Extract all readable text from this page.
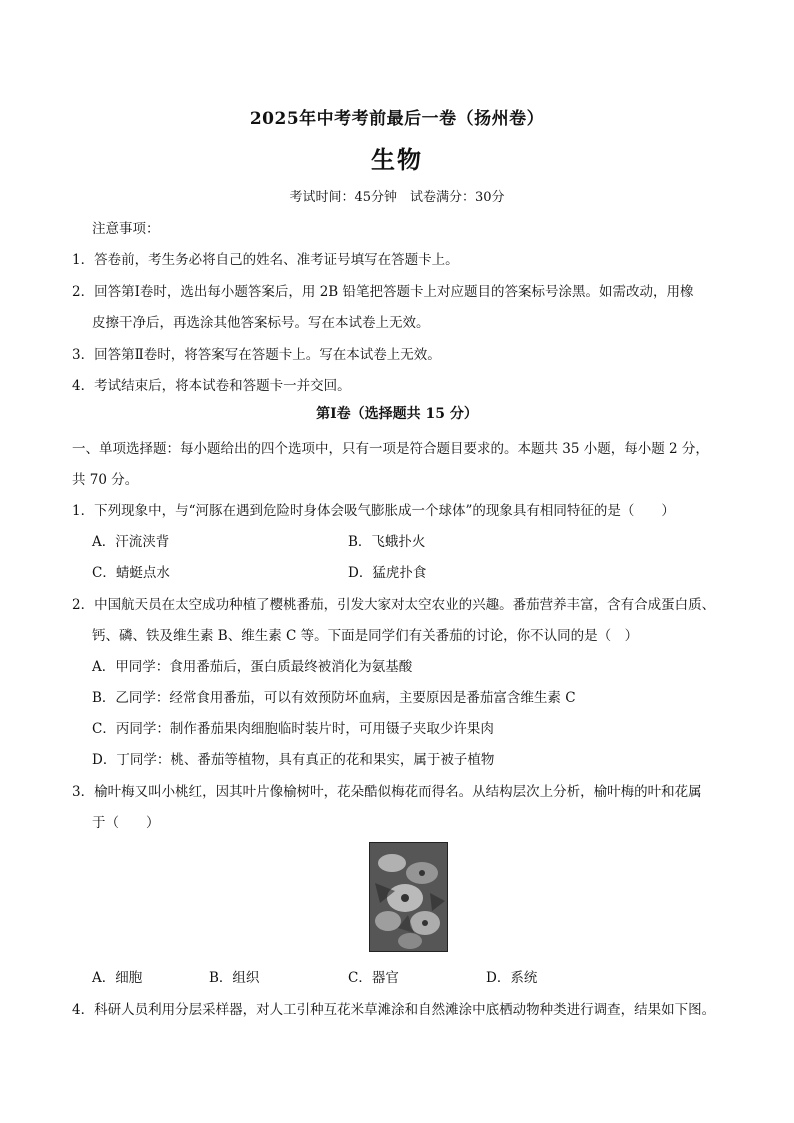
2025年中考考前最后一卷（扬州卷）
生物
考试时间：45分钟　试卷满分：30分
注意事项：
1．答卷前，考生务必将自己的姓名、准考证号填写在答题卡上。
2．回答第Ⅰ卷时，选出每小题答案后，用 2B 铅笔把答题卡上对应题目的答案标号涂黑。如需改动，用橡
皮擦干净后，再选涂其他答案标号。写在本试卷上无效。
3．回答第Ⅱ卷时，将答案写在答题卡上。写在本试卷上无效。
4．考试结束后，将本试卷和答题卡一并交回。
第Ⅰ卷（选择题共 15 分）
一、单项选择题：每小题给出的四个选项中，只有一项是符合题目要求的。本题共 35 小题，每小题 2 分，
共 70 分。
1．下列现象中，与“河豚在遇到危险时身体会吸气膨胀成一个球体”的现象具有相同特征的是（　　）
A．汗流浃背	B．飞蛾扑火
C．蜻蜓点水	D．猛虎扑食
2．中国航天员在太空成功种植了樱桃番茄，引发大家对太空农业的兴趣。番茄营养丰富，含有合成蛋白质、
钙、磷、铁及维生素 B、维生素 C 等。下面是同学们有关番茄的讨论，你不认同的是（　）
A．甲同学：食用番茄后，蛋白质最终被消化为氨基酸
B．乙同学：经常食用番茄，可以有效预防坏血病，主要原因是番茄富含维生素 C
C．丙同学：制作番茄果肉细胞临时装片时，可用镊子夹取少许果肉
D．丁同学：桃、番茄等植物，具有真正的花和果实，属于被子植物
3．榆叶梅又叫小桃红，因其叶片像榆树叶，花朵酷似梅花而得名。从结构层次上分析，榆叶梅的叶和花属
于（　　）
A．细胞	B．组织	C．器官	D．系统
4．科研人员利用分层采样器，对人工引种互花米草滩涂和自然滩涂中底栖动物种类进行调查，结果如下图。
